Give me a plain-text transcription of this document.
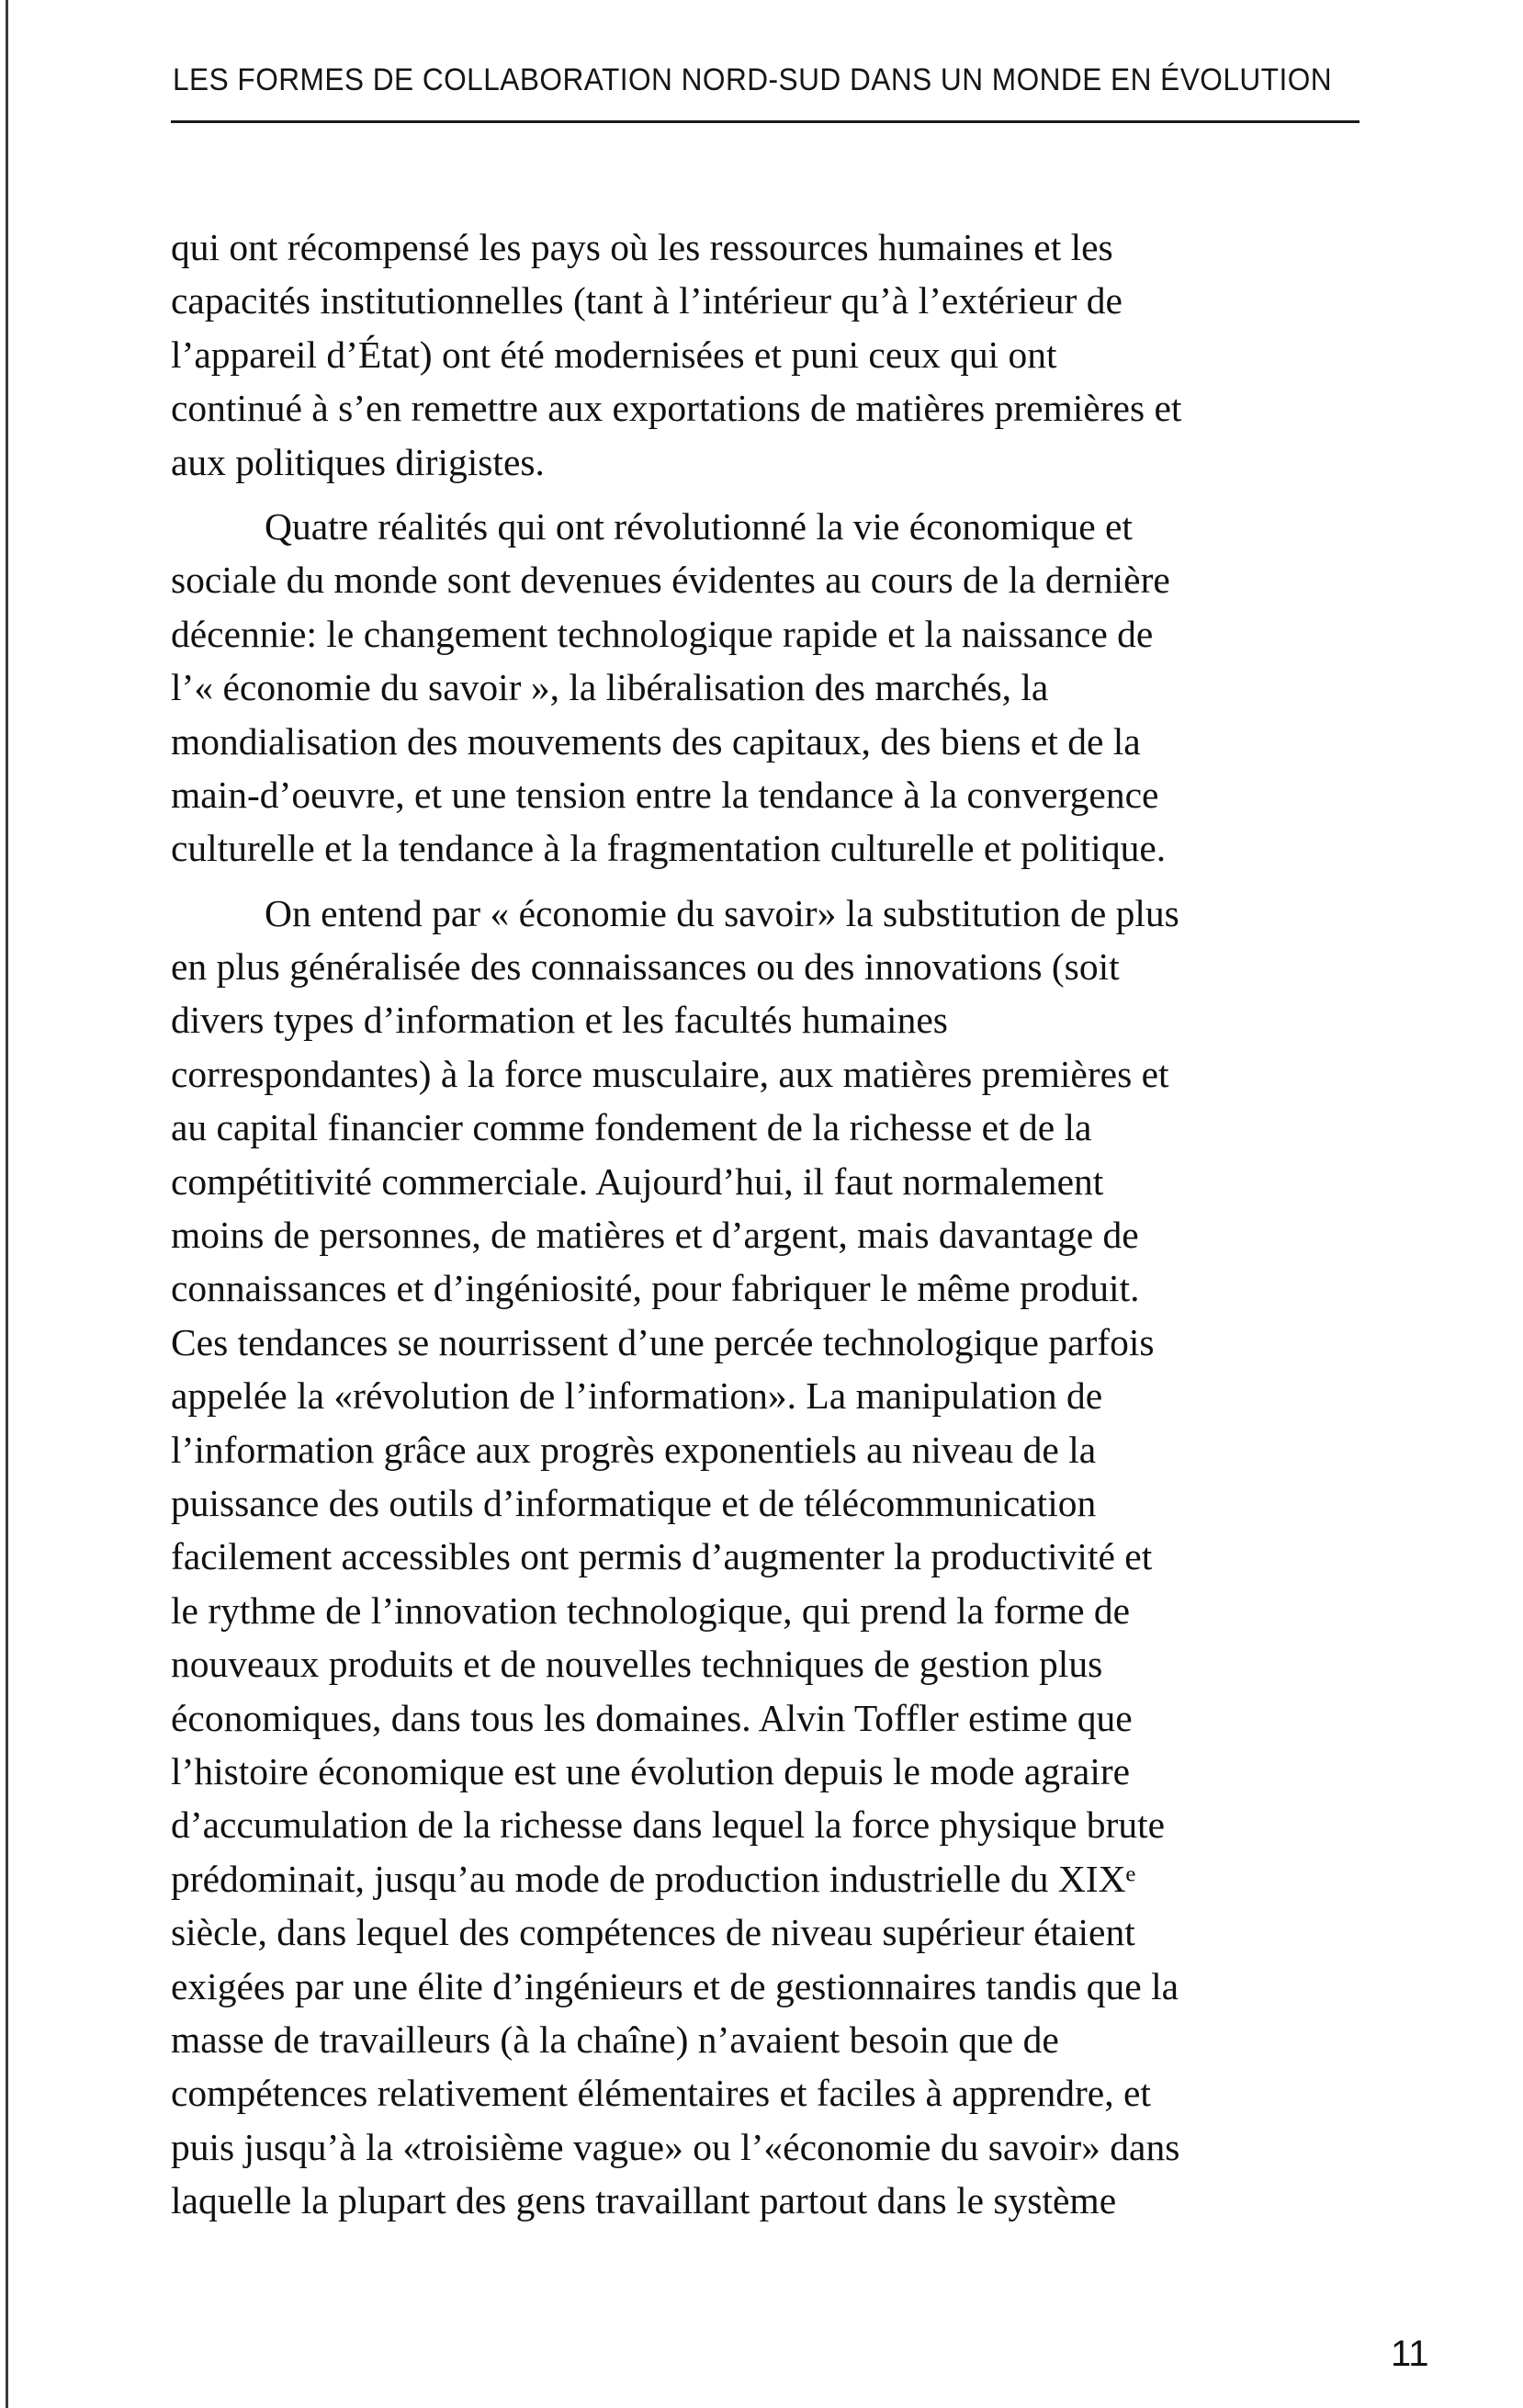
LES FORMES DE COLLABORATION NORD-SUD DANS UN MONDE EN ÉVOLUTION
qui ont récompensé les pays où les ressources humaines et les
capacités institutionnelles (tant à l’intérieur qu’à l’extérieur de
l’appareil d’État) ont été modernisées et puni ceux qui ont
continué à s’en remettre aux exportations de matières premières et
aux politiques dirigistes.
Quatre réalités qui ont révolutionné la vie économique et
sociale du monde sont devenues évidentes au cours de la dernière
décennie: le changement technologique rapide et la naissance de
l’« économie du savoir », la libéralisation des marchés, la
mondialisation des mouvements des capitaux, des biens et de la
main-d’oeuvre, et une tension entre la tendance à la convergence
culturelle et la tendance à la fragmentation culturelle et politique.
On entend par « économie du savoir» la substitution de plus
en plus généralisée des connaissances ou des innovations (soit
divers types d’information et les facultés humaines
correspondantes) à la force musculaire, aux matières premières et
au capital financier comme fondement de la richesse et de la
compétitivité commerciale. Aujourd’hui, il faut normalement
moins de personnes, de matières et d’argent, mais davantage de
connaissances et d’ingéniosité, pour fabriquer le même produit.
Ces tendances se nourrissent d’une percée technologique parfois
appelée la «révolution de l’information». La manipulation de
l’information grâce aux progrès exponentiels au niveau de la
puissance des outils d’informatique et de télécommunication
facilement accessibles ont permis d’augmenter la productivité et
le rythme de l’innovation technologique, qui prend la forme de
nouveaux produits et de nouvelles techniques de gestion plus
économiques, dans tous les domaines. Alvin Toffler estime que
l’histoire économique est une évolution depuis le mode agraire
d’accumulation de la richesse dans lequel la force physique brute
prédominait, jusqu’au mode de production industrielle du XIXᵉ
siècle, dans lequel des compétences de niveau supérieur étaient
exigées par une élite d’ingénieurs et de gestionnaires tandis que la
masse de travailleurs (à la chaîne) n’avaient besoin que de
compétences relativement élémentaires et faciles à apprendre, et
puis jusqu’à la «troisième vague» ou l’«économie du savoir» dans
laquelle la plupart des gens travaillant partout dans le système
11
